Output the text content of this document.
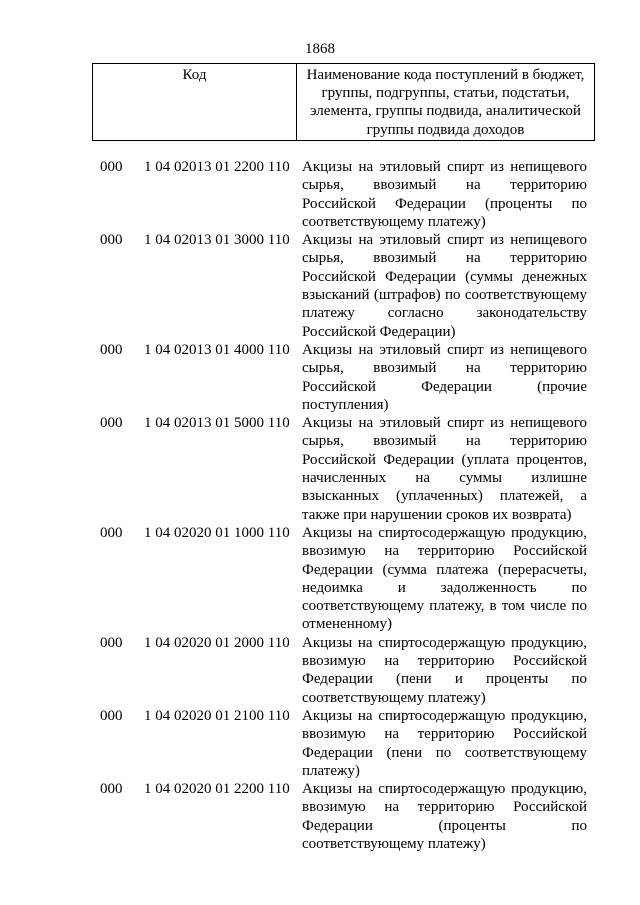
1868
Код	Наименование кода поступлений в бюджет, группы, подгруппы, статьи, подстатьи, элемента, группы подвида, аналитической группы подвида доходов
000	1 04 02013 01 2200 110 Акцизы на этиловый спирт из непищевого сырья, ввозимый на территорию Российской Федерации (проценты по соответствующему платежу)
000	1 04 02013 01 3000 110 Акцизы на этиловый спирт из непищевого сырья, ввозимый на территорию Российской Федерации (суммы денежных взысканий (штрафов) по соответствующему платежу согласно законодательству Российской Федерации)
000	1 04 02013 01 4000 110 Акцизы на этиловый спирт из непищевого сырья, ввозимый на территорию Российской Федерации (прочие поступления)
000	1 04 02013 01 5000 110 Акцизы на этиловый спирт из непищевого сырья, ввозимый на территорию Российской Федерации (уплата процентов, начисленных на суммы излишне взысканных (уплаченных) платежей, а также при нарушении сроков их возврата)
000	1 04 02020 01 1000 110 Акцизы на спиртосодержащую продукцию, ввозимую на территорию Российской Федерации (сумма платежа (перерасчеты, недоимка и задолженность по соответствующему платежу, в том числе по отмененному)
000	1 04 02020 01 2000 110 Акцизы на спиртосодержащую продукцию, ввозимую на территорию Российской Федерации (пени и проценты по соответствующему платежу)
000	1 04 02020 01 2100 110 Акцизы на спиртосодержащую продукцию, ввозимую на территорию Российской Федерации (пени по соответствующему платежу)
000	1 04 02020 01 2200 110 Акцизы на спиртосодержащую продукцию, ввозимую на территорию Российской Федерации (проценты по соответствующему платежу)
